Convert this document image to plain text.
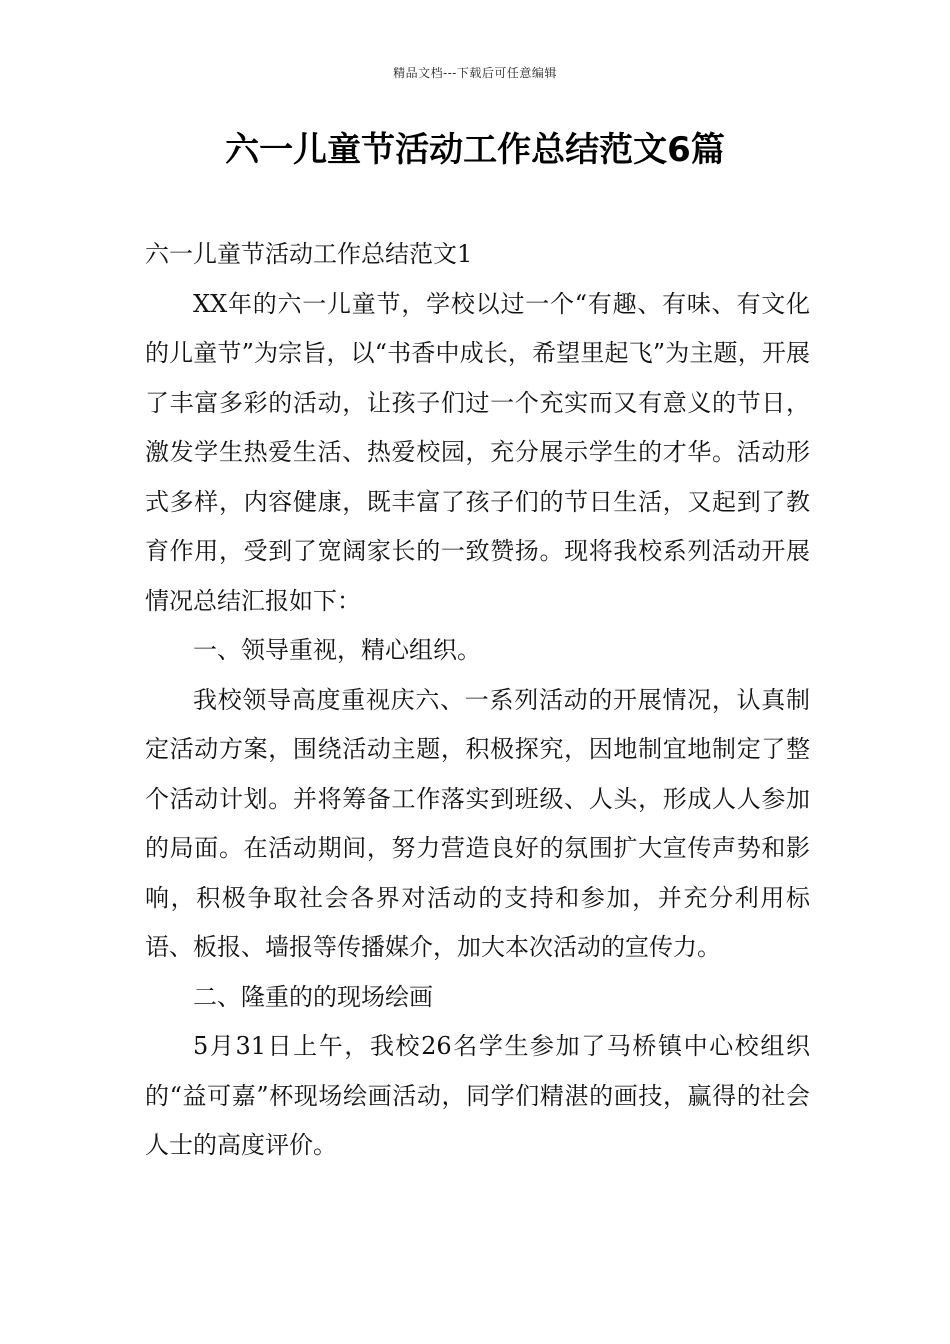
精品文档---下载后可任意编辑
六一儿童节活动工作总结范文6篇

六一儿童节活动工作总结范文1

XX年的六一儿童节，学校以过一个“有趣、有味、有文化的儿童节”为宗旨，以“书香中成长，希望里起飞”为主题，开展了丰富多彩的活动，让孩子们过一个充实而又有意义的节日，激发学生热爱生活、热爱校园，充分展示学生的才华。活动形式多样，内容健康，既丰富了孩子们的节日生活，又起到了教育作用，受到了宽阔家长的一致赞扬。现将我校系列活动开展情况总结汇报如下：

一、领导重视，精心组织。

我校领导高度重视庆六、一系列活动的开展情况，认真制定活动方案，围绕活动主题，积极探究，因地制宜地制定了整个活动计划。并将筹备工作落实到班级、人头，形成人人参加的局面。在活动期间，努力营造良好的氛围扩大宣传声势和影响，积极争取社会各界对活动的支持和参加，并充分利用标语、板报、墙报等传播媒介，加大本次活动的宣传力。

二、隆重的的现场绘画

5月31日上午，我校26名学生参加了马桥镇中心校组织的“益可嘉”杯现场绘画活动，同学们精湛的画技，赢得的社会人士的高度评价。
